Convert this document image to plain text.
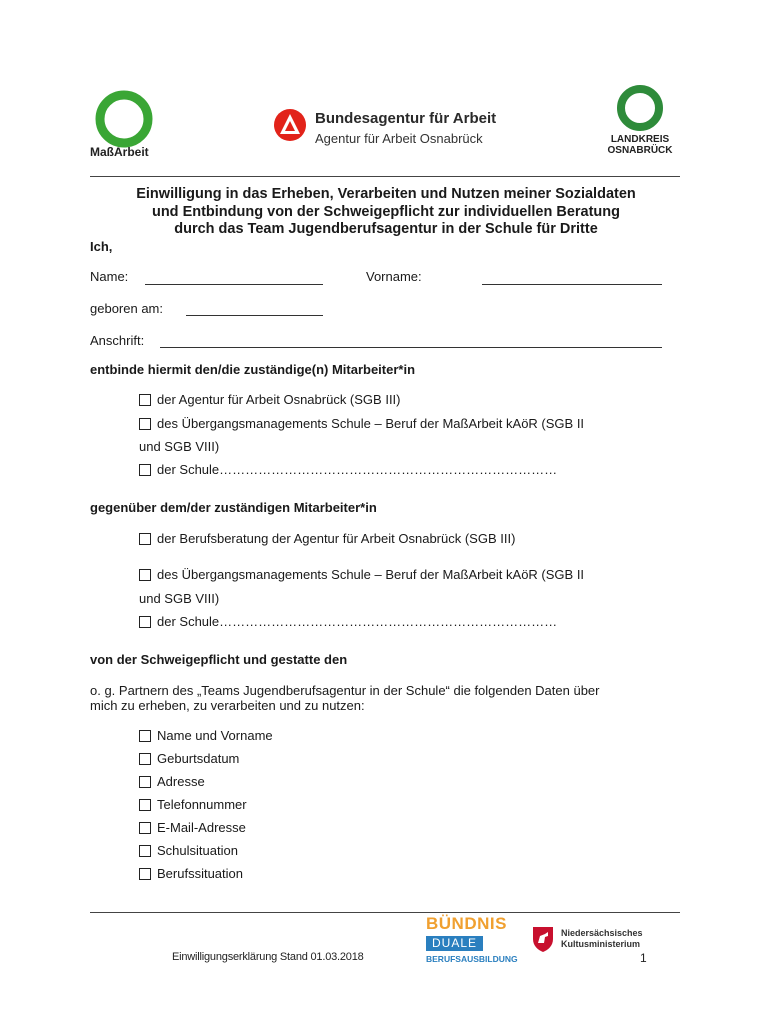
MaßArbeit
Bundesagentur für Arbeit
Agentur für Arbeit Osnabrück	LANDKREIS
OSNABRÜCK
Einwilligung in das Erheben, Verarbeiten und Nutzen meiner Sozialdaten
und Entbindung von der Schweigepflicht zur individuellen Beratung
durch das Team Jugendberufsagentur in der Schule für Dritte
Ich,
Name:	Vorname:
geboren am:
Anschrift:
entbinde hiermit den/die zuständige(n) Mitarbeiter*in
der Agentur für Arbeit Osnabrück (SGB III)
des Übergangsmanagements Schule – Beruf der MaßArbeit kAöR (SGB II
und SGB VIII)
der Schule……………………………………………………………………
gegenüber dem/der zuständigen Mitarbeiter*in
der Berufsberatung der Agentur für Arbeit Osnabrück (SGB III)
des Übergangsmanagements Schule – Beruf der MaßArbeit kAöR (SGB II
und SGB VIII)
der Schule……………………………………………………………………
von der Schweigepflicht und gestatte den
o. g. Partnern des „Teams Jugendberufsagentur in der Schule“ die folgenden Daten über
mich zu erheben, zu verarbeiten und zu nutzen:
Name und Vorname
Geburtsdatum
Adresse
Telefonnummer
E-Mail-Adresse
Schulsituation
Berufssituation
BÜNDNIS
DUALE
BERUFSAUSBILDUNG
Niedersächsisches
Kultusministerium
Einwilligungserklärung Stand 01.03.2018	1
